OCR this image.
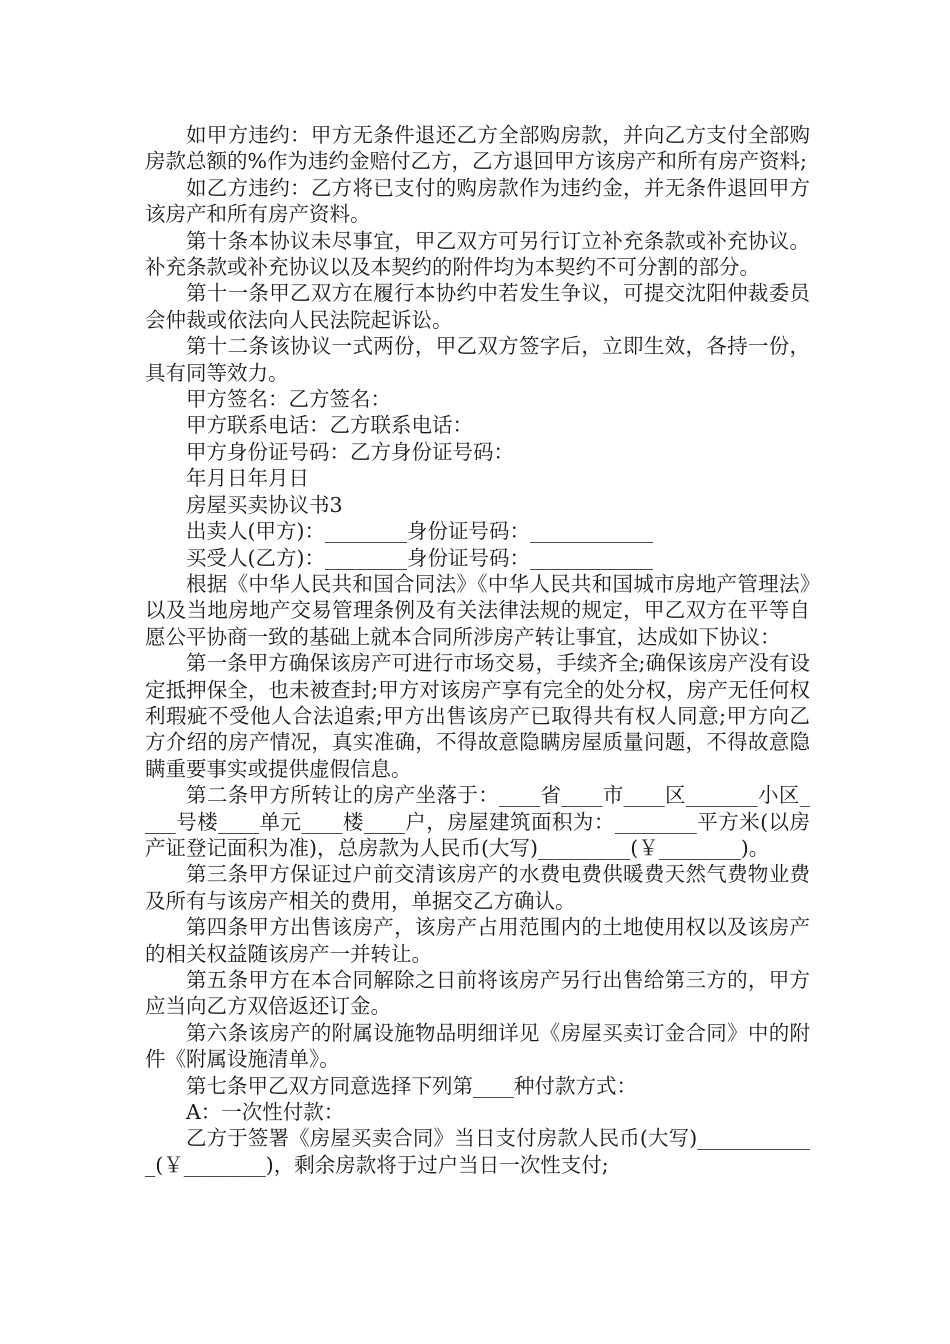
如甲方违约：甲方无条件退还乙方全部购房款，并向乙方支付全部购房款总额的%作为违约金赔付乙方，乙方退回甲方该房产和所有房产资料;

如乙方违约：乙方将已支付的购房款作为违约金，并无条件退回甲方该房产和所有房产资料。

第十条本协议未尽事宜，甲乙双方可另行订立补充条款或补充协议。补充条款或补充协议以及本契约的附件均为本契约不可分割的部分。

第十一条甲乙双方在履行本协约中若发生争议，可提交沈阳仲裁委员会仲裁或依法向人民法院起诉讼。

第十二条该协议一式两份，甲乙双方签字后，立即生效，各持一份，具有同等效力。

甲方签名：乙方签名：

甲方联系电话：乙方联系电话：

甲方身份证号码：乙方身份证号码：

年月日年月日

房屋买卖协议书3

出卖人(甲方)：________身份证号码：____________

买受人(乙方)：________身份证号码：____________

根据《中华人民共和国合同法》《中华人民共和国城市房地产管理法》以及当地房地产交易管理条例及有关法律法规的规定，甲乙双方在平等自愿公平协商一致的基础上就本合同所涉房产转让事宜，达成如下协议：

第一条甲方确保该房产可进行市场交易，手续齐全;确保该房产没有设定抵押保全，也未被查封;甲方对该房产享有完全的处分权，房产无任何权利瑕疵不受他人合法追索;甲方出售该房产已取得共有权人同意;甲方向乙方介绍的房产情况，真实准确，不得故意隐瞒房屋质量问题，不得故意隐瞒重要事实或提供虚假信息。

第二条甲方所转让的房产坐落于：____省____市____区_______小区____号楼____单元____楼____户，房屋建筑面积为：________平方米(以房产证登记面积为准)，总房款为人民币(大写)_________(￥________)。

第三条甲方保证过户前交清该房产的水费电费供暖费天然气费物业费及所有与该房产相关的费用，单据交乙方确认。

第四条甲方出售该房产，该房产占用范围内的土地使用权以及该房产的相关权益随该房产一并转让。

第五条甲方在本合同解除之日前将该房产另行出售给第三方的，甲方应当向乙方双倍返还订金。

第六条该房产的附属设施物品明细详见《房屋买卖订金合同》中的附件《附属设施清单》。

第七条甲乙双方同意选择下列第____种付款方式：

A：一次性付款：

乙方于签署《房屋买卖合同》当日支付房款人民币(大写)____________(￥________)，剩余房款将于过户当日一次性支付;
